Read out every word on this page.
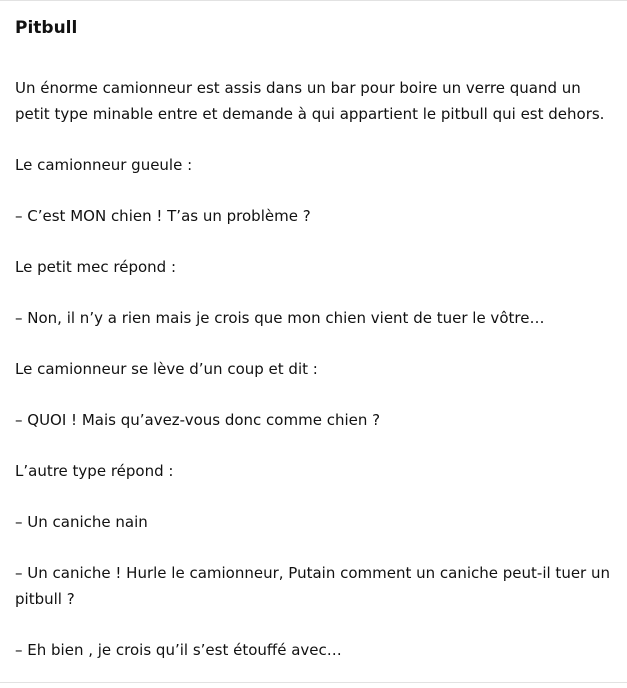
Pitbull

Un énorme camionneur est assis dans un bar pour boire un verre quand un petit type minable entre et demande à qui appartient le pitbull qui est dehors.

Le camionneur gueule :

– C’est MON chien ! T’as un problème ?

Le petit mec répond :

– Non, il n’y a rien mais je crois que mon chien vient de tuer le vôtre…

Le camionneur se lève d’un coup et dit :

– QUOI ! Mais qu’avez-vous donc comme chien ?

L’autre type répond :

– Un caniche nain

– Un caniche ! Hurle le camionneur, Putain comment un caniche peut-il tuer un pitbull ?

– Eh bien , je crois qu’il s’est étouffé avec…
